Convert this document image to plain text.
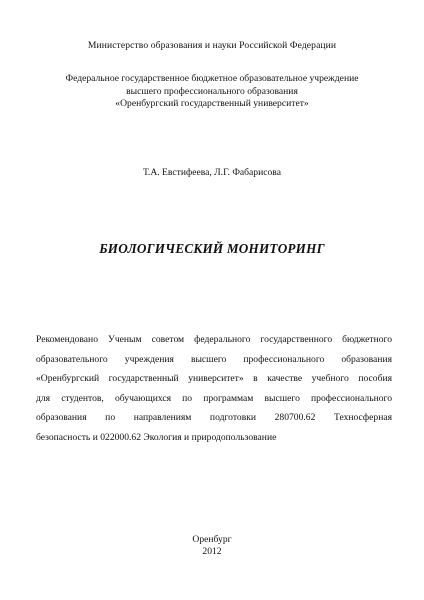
Министерство образования и науки Российской Федерации
Федеральное государственное бюджетное образовательное учреждение
высшего профессионального образования
«Оренбургский государственный университет»
Т.А. Евстифеева, Л.Г. Фабарисова
БИОЛОГИЧЕСКИЙ МОНИТОРИНГ
Рекомендовано Ученым советом федерального государственного бюджетного
образовательного учреждения высшего профессионального образования
«Оренбургский государственный университет» в качестве учебного пособия
для студентов, обучающихся по программам высшего профессионального
образования по направлениям подготовки 280700.62 Техносферная
безопасность и 022000.62 Экология и природопользование
Оренбург
2012
